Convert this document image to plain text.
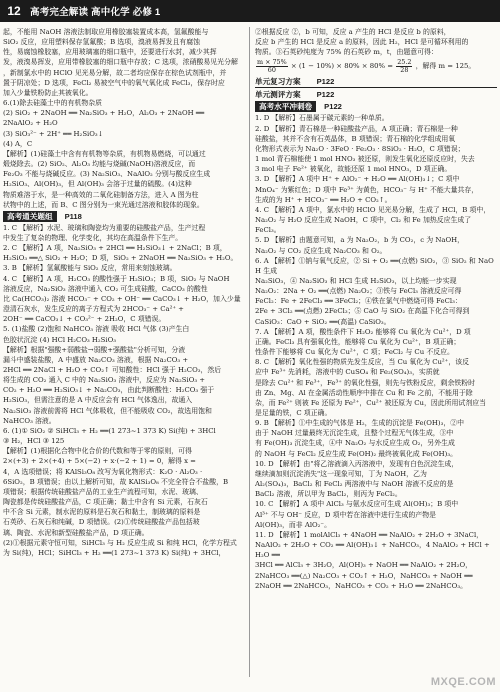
12 高考完全解读 高中化学 必修 1

起，不能用 NaOH 溶液法制取应用橡胶塞装置成本高，氢氟酸能与

SiO₂ 反应，应用塑料保存氢氟酸；B 选项，溴液易挥发且有腐蚀

性，易腐蚀橡胶塞，应用玻璃塞的细口瓶中，还要进行水封，减少其挥

发，液溴易挥发，应用带橡胶塞的细口瓶中存放；C 选项，浓硝酸易见光分解

，新制氯水中的 HClO 见光易分解，故二者均应保存在棕色试剂瓶中，并

置于阴凉处；D 选项，FeCl₂ 易被空气中的氧气氧化成 FeCl₃，保存时应

加入少量铁粉防止其被氧化。

6.(1)除去硅藻土中的有机物杂质

(2) SiO₂ + 2NaOH ══ Na₂SiO₃ + H₂O，Al₂O₃ + 2NaOH ══

2NaAlO₂ + H₂O

(3) SiO₃²⁻ + 2H⁺ ══ H₂SiO₃↓

(4) A，C

【解析】(1)硅藻土中含有有机物等杂质，有机物易燃烧，可以通过

煅烧除去。(2) SiO₂、Al₂O₃ 均能与烧碱(NaOH)溶液反应，而

Fe₂O₃ 不能与烧碱反应。(3) Na₂SiO₃、NaAlO₂ 分别与酸反应生成

H₂SiO₃、Al(OH)₃，但 Al(OH)₃ 会溶于过量的硫酸。(4)这种

物质难溶于水，是一种高效的二氧化硅制备方法，进入 A 图为柱

状物中的上述，而 B、C 图分别为一束光通过溶液和胶体的现象。

高考通关题组 P118

1. C 【解析】水泥、玻璃和陶瓷均为重要的硅酸盐产品，生产过程

中发生了复杂的物理、化学变化，其均在高温条件下生产。

2. C 【解析】A 项，Na₂SiO₃ + 2HCl ══ H₂SiO₃↓ + 2NaCl；B 项，

H₂SiO₃ ══△ SiO₂ + H₂O；D 项，SiO₂ + 2NaOH ══ Na₂SiO₃ + H₂O。

3. B 【解析】氢氟酸能与 SiO₂ 反应，常用来刻蚀玻璃。

4. C 【解析】A 项，H₂CO₃ 的酸性强于 H₂SiO₃；B 项，SiO₂ 与 NaOH

溶液反应，Na₂SiO₃ 溶液中通入 CO₂ 可生成硅酸，CaCO₃ 的酸性

比 Ca(HCO₃)₂ 溶液 HCO₃⁻ + CO₂ + OH⁻ ══ CaCO₃↓ + H₂O，加入少量

澄清石灰水，发生反应的离子方程式为 2HCO₃⁻ + Ca²⁺ +

2OH⁻ ══ CaCO₃↓ + CO₃²⁻ + 2H₂O，C 项错误。

5. (1)盐酸 (2)饱和 NaHCO₃ 溶液 吸收 HCl 气体 (3)产生白

色胶状沉淀 (4) HCl H₂CO₃ H₂SiO₃

【解析】根据"强酸+弱酸盐→弱酸+强酸盐"分析可知，分液

漏斗中盛装盐酸，A 中盛放 Na₂CO₃ 溶液，根据 Na₂CO₃ +

2HCl ══ 2NaCl + H₂O + CO₂↑ 可知酸性：HCl 强于 H₂CO₃，然后

将生成的 CO₂ 通入 C 中的 Na₂SiO₃ 溶液中，反应为 Na₂SiO₃ +

CO₂ + H₂O ══ H₂SiO₃↓ + Na₂CO₃，由此判断酸性：H₂CO₃ 强于

H₂SiO₃，但需注意的是 A 中反应会有 HCl 气体逸出，故通入

Na₂SiO₃ 溶液前需将 HCl 气体吸收，但不能吸收 CO₂，故选用饱和

NaHCO₃ 溶液。

6. (1)① SiO₂ ② SiHCl₃ + H₂ ══(1 273~1 373 K) Si(纯) + 3HCl

③ H₂，HCl ③ 125

【解析】(1)根据化合物中化合价的代数和等于零的原则，可得

2×(+3) + 2×(+4) + 5×(−2) + x·(−2 + 1) = 0，解得 x =

4，A 选项错误；将 KAlSi₃O₈ 改写为氧化物形式：K₂O · Al₂O₃ ·

6SiO₂，B 项错误；由以上解析可知，故 KAlSi₃O₈ 不完全符合不盐酸，B

项错误；根据传统硅酸盐产品的工业生产流程可知，水泥、玻璃、

陶瓷都是传统硅酸盐产品，C 项正确；黏土中含有 Si 元素，石灰石

中不含 Si 元素，制水泥的原料是石灰石和黏土，制玻璃的原料是

石英砂、石灰石和纯碱，D 项错误。(2)①传统硅酸盐产品包括玻

璃、陶瓷、水泥和新型硅酸盐产品，D 项正确。

(2)①根据元素守恒可知，SiHCl₃ 与 H₂ 反应生成 Si 和纯 HCl，化学方程式

为 Si(纯)，HCl；SiHCl₃ + H₂ ══(1 273~1 373 K) Si(纯) + 3HCl，

②根据反应 ②，b 可知，反应 a 产生的 HCl 是反应 b 的原料，

反应 b 产生的 HCl 是反应 a 的原料，因此 H₂，HCl 是可循环利用的

物质。③石英砂纯度为 75% 的石英砂 m，t，由题意可得：

$\frac{m \times 75\%}{60} \times (1 - 10\%) \times 80\% \times 80\% = \frac{25.2}{28}$ ，解得 m = 125。
单元复习方案 P122
单元测评方案 P122
高考水平冲刺卷 P122

1. D 【解析】石墨属于碳元素的一种单质。

2. D 【解析】青石棉是一种硅酸盐产品，A 项正确；青石棉是一种

硅酸盐，其并不含有石英晶体，B 项错误；青石棉的化学组成用氧

化物形式表示为 Na₂O · 3FeO · Fe₂O₃ · 8SiO₂ · H₂O，C 项错误；

1 mol 青石棉能使 1 mol HNO₃ 被还原，则发生氧化还原反应时，失去

3 mol 电子 Fe²⁺ 被氧化，故能还原 1 mol HNO₃，D 项正确。

3. D 【解析】A 项中 H⁺ + AlO₂⁻ + H₂O ══ Al(OH)₃↓；C 项中

MnO₄⁻ 为紫红色；D 项中 Fe³⁺ 为黄色，HCO₃⁻ 与 H⁺ 不能大量共存，

生成的为 H⁺ + HCO₃⁻ ══ H₂O + CO₂↑。

4. C 【解析】A 项中，氯水中的 HClO 见光易分解，生成了 HCl，B 项中，

Na₂O₂ 与 H₂O 反应生成 NaOH，C 项中，Cl₂ 和 Fe 加热反应生成了

FeCl₃。

5. D 【解析】由题意可知，a 为 Na₂O₂，b 为 CO₂，c 为 NaOH，

Na₂O₂ 与 CO₂ 反应生成 Na₂CO₃ 和 O₂。

6. A 【解析】①钠与氧气反应，② Si + O₂ ══(点燃) SiO₂，③ SiO₂ 和 NaOH 生成

Na₂SiO₃，④ Na₂SiO₃ 和 HCl 生成 H₂SiO₃，以上均能一步实现

Na₂O₂：2Na + O₂ ══(点燃) Na₂O₂；③铁与 FeCl₃ 溶液反应可得

FeCl₂：Fe + 2FeCl₃ ══ 3FeCl₂；④铁在氯气中燃烧可得 FeCl₃：

2Fe + 3Cl₂ ══(点燃) 2FeCl₃；⑤ CaO 与 SiO₂ 在高温下化合可得到

CaSiO₃：CaO + SiO₂ ══(高温) CaSiO₃。

7. A 【解析】A 项，酸性条件下 H₂O₂ 能够将 Cu 氧化为 Cu²⁺，D 项

正确。FeCl₃ 具有强氧化性，能够将 Cu 氧化为 Cu²⁺，B 项正确；

性条件下能够将 Cu 氧化为 Cu²⁺，C 项；FeCl₂ 与 Cu 不反应。

8. C 【解析】氧化性强的物质先发生反应，当 Cu 氧化为 Cu²⁺，该反

应中 Fe³⁺ 先消耗，溶液中的 CuSO₄ 和 Fe₂(SO₄)₃，实质就

是除去 Cu²⁺ 和 Fe³⁺，Fe³⁺ 的氧化性强，则先与铁粉反应，剩余铁粉时

由 Zn、Mg、Al 在金属活动性顺序中排在 Cu 和 Fe 之前，不能用于除

杂，而 Fe²⁺ 则被 Fe 还原为 Fe²⁺，Cu²⁺ 被还原为 Cu，因此所用试剂应当

是足量的铁，C 项正确。

9. B 【解析】①中生成的气体是 H₂，生成的沉淀是 Fe(OH)₃，②中

由于 NaOH 过量最终无沉淀生成，且整个过程无气体生成，③中

有 Fe(OH)₃ 沉淀生成，④中 Na₂O₂ 与水反应生成 O₂，另外生成

的 NaOH 与 FeCl₂ 反应生成 Fe(OH)₂ 最终被氧化成 Fe(OH)₃。

10. D 【解析】由"将乙溶液滴入丙溶液中，发现有白色沉淀生成，

继续滴加则沉淀消失"这一现象可知，丁为 NaOH，乙为

Al₂(SO₄)₃，BaCl₂ 和 FeCl₂ 两溶液中与 NaOH 溶液不反应的是

BaCl₂ 溶液，所以甲为 BaCl₂，则丙为 FeCl₂。

10. C 【解析】A 项中 AlCl₃ 与氨水反应可生成 Al(OH)₃；B 项中

Al³⁺ 不与 OH⁻ 反应，D 项中若在溶液中进行生成的产物是

Al(OH)₃，而非 AlO₂⁻。

11. D 【解析】1 molAlCl₃ + 4NaOH ══ NaAlO₂ + 2H₂O + 3NaCl，

NaAlO₂ + 2H₂O + CO₂ ══ Al(OH)₃↓ + NaHCO₃，4 NaAlO₂ + HCl + H₂O ══

3HCl ══ AlCl₃ + 3H₂O，Al(OH)₃ + NaOH ══ NaAlO₂ + 2H₂O，

2NaHCO₃ ══(△) Na₂CO₃ + CO₂↑ + H₂O，NaHCO₃ + NaOH ══

2NaOH ══ 2NaHCO₃，NaHCO₃ + CO₂ + H₂O ══ 2NaHCO₃。

MXQE.COM
